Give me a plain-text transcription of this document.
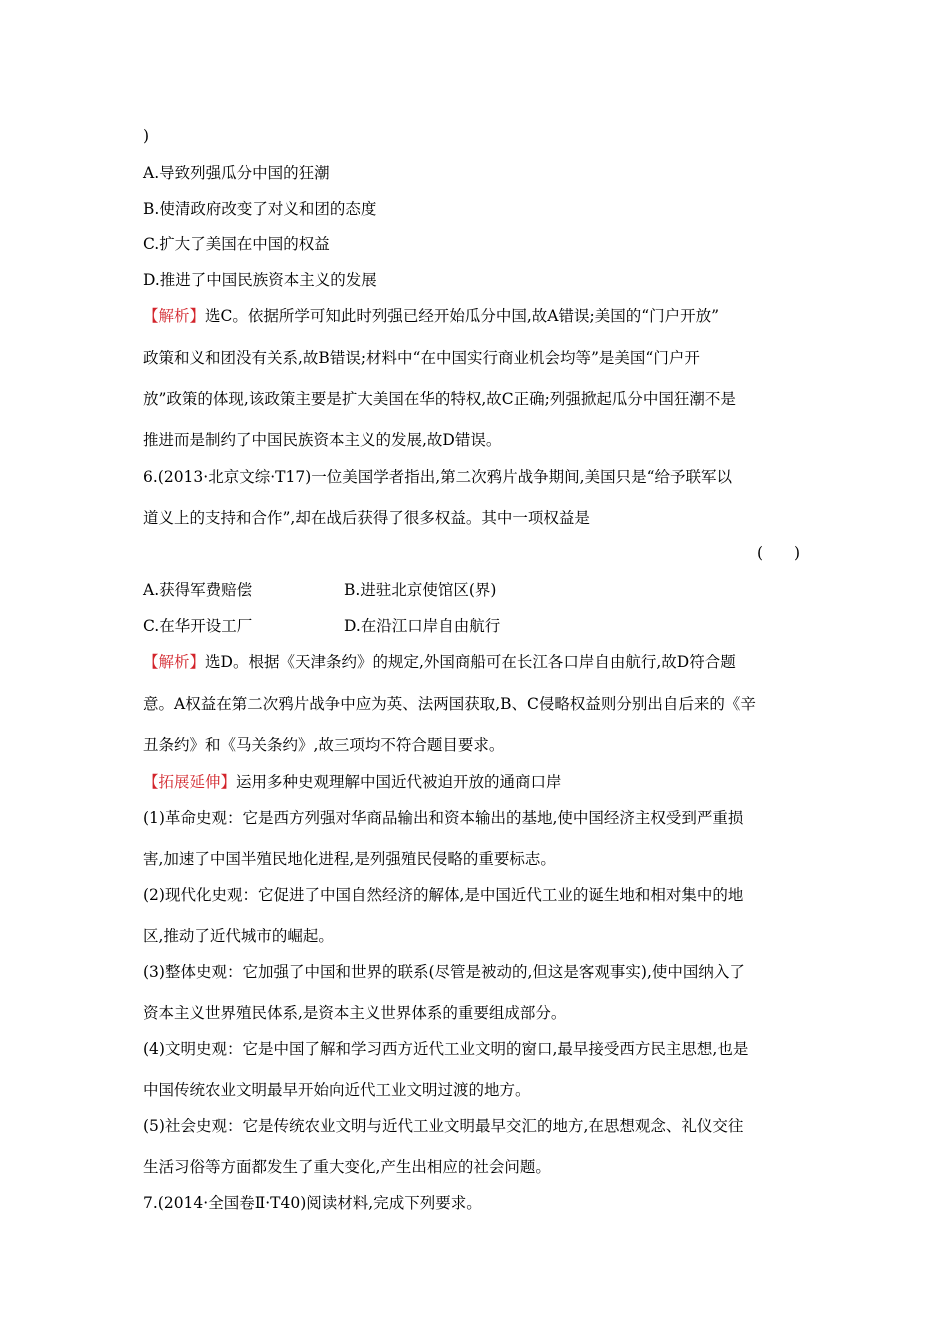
)
A.导致列强瓜分中国的狂潮
B.使清政府改变了对义和团的态度
C.扩大了美国在中国的权益
D.推进了中国民族资本主义的发展
【解析】选C。依据所学可知此时列强已经开始瓜分中国,故A错误;美国的“门户开放”
政策和义和团没有关系,故B错误;材料中“在中国实行商业机会均等”是美国“门户开
放”政策的体现,该政策主要是扩大美国在华的特权,故C正确;列强掀起瓜分中国狂潮不是
推进而是制约了中国民族资本主义的发展,故D错误。
6.(2013·北京文综·T17)一位美国学者指出,第二次鸦片战争期间,美国只是“给予联军以
道义上的支持和合作”,却在战后获得了很多权益。其中一项权益是
(　　)
A.获得军费赔偿	B.进驻北京使馆区(界)
C.在华开设工厂	D.在沿江口岸自由航行
【解析】选D。根据《天津条约》的规定,外国商船可在长江各口岸自由航行,故D符合题
意。A权益在第二次鸦片战争中应为英、法两国获取,B、C侵略权益则分别出自后来的《辛
丑条约》和《马关条约》,故三项均不符合题目要求。
【拓展延伸】运用多种史观理解中国近代被迫开放的通商口岸
(1)革命史观：它是西方列强对华商品输出和资本输出的基地,使中国经济主权受到严重损
害,加速了中国半殖民地化进程,是列强殖民侵略的重要标志。
(2)现代化史观：它促进了中国自然经济的解体,是中国近代工业的诞生地和相对集中的地
区,推动了近代城市的崛起。
(3)整体史观：它加强了中国和世界的联系(尽管是被动的,但这是客观事实),使中国纳入了
资本主义世界殖民体系,是资本主义世界体系的重要组成部分。
(4)文明史观：它是中国了解和学习西方近代工业文明的窗口,最早接受西方民主思想,也是
中国传统农业文明最早开始向近代工业文明过渡的地方。
(5)社会史观：它是传统农业文明与近代工业文明最早交汇的地方,在思想观念、礼仪交往
生活习俗等方面都发生了重大变化,产生出相应的社会问题。
7.(2014·全国卷Ⅱ·T40)阅读材料,完成下列要求。
